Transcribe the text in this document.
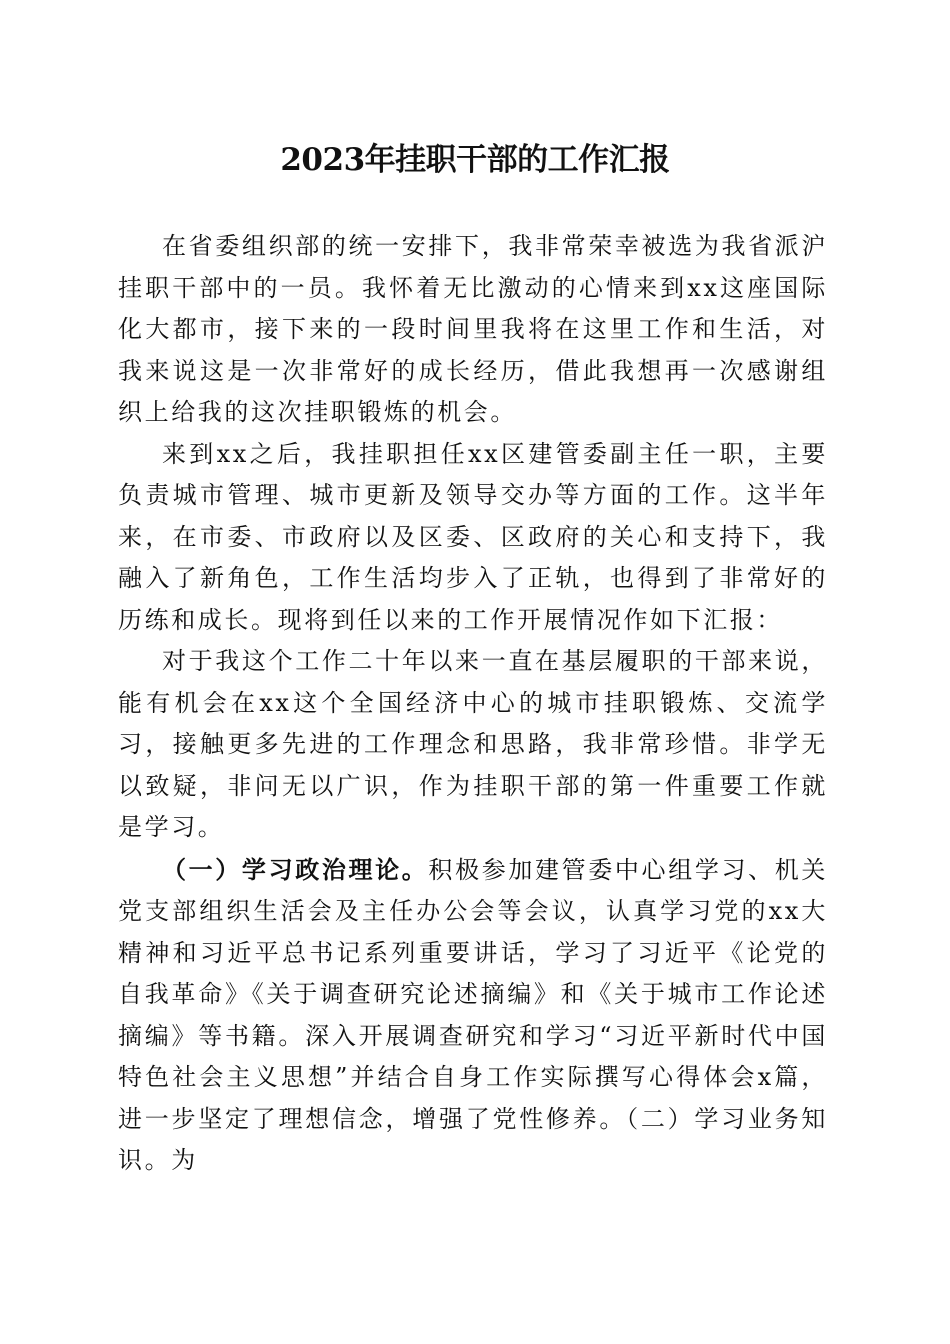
2023年挂职干部的工作汇报

在省委组织部的统一安排下，我非常荣幸被选为我省派沪挂职干部中的一员。我怀着无比激动的心情来到xx这座国际化大都市，接下来的一段时间里我将在这里工作和生活，对我来说这是一次非常好的成长经历，借此我想再一次感谢组织上给我的这次挂职锻炼的机会。

来到xx之后，我挂职担任xx区建管委副主任一职，主要负责城市管理、城市更新及领导交办等方面的工作。这半年来，在市委、市政府以及区委、区政府的关心和支持下，我融入了新角色，工作生活均步入了正轨，也得到了非常好的历练和成长。现将到任以来的工作开展情况作如下汇报：

对于我这个工作二十年以来一直在基层履职的干部来说，能有机会在xx这个全国经济中心的城市挂职锻炼、交流学习，接触更多先进的工作理念和思路，我非常珍惜。非学无以致疑，非问无以广识，作为挂职干部的第一件重要工作就是学习。

（一）学习政治理论。积极参加建管委中心组学习、机关党支部组织生活会及主任办公会等会议，认真学习党的xx大精神和习近平总书记系列重要讲话，学习了习近平《论党的自我革命》《关于调查研究论述摘编》和《关于城市工作论述摘编》等书籍。深入开展调查研究和学习“习近平新时代中国特色社会主义思想”并结合自身工作实际撰写心得体会x篇，进一步坚定了理想信念，增强了党性修养。（二）学习业务知识。为
